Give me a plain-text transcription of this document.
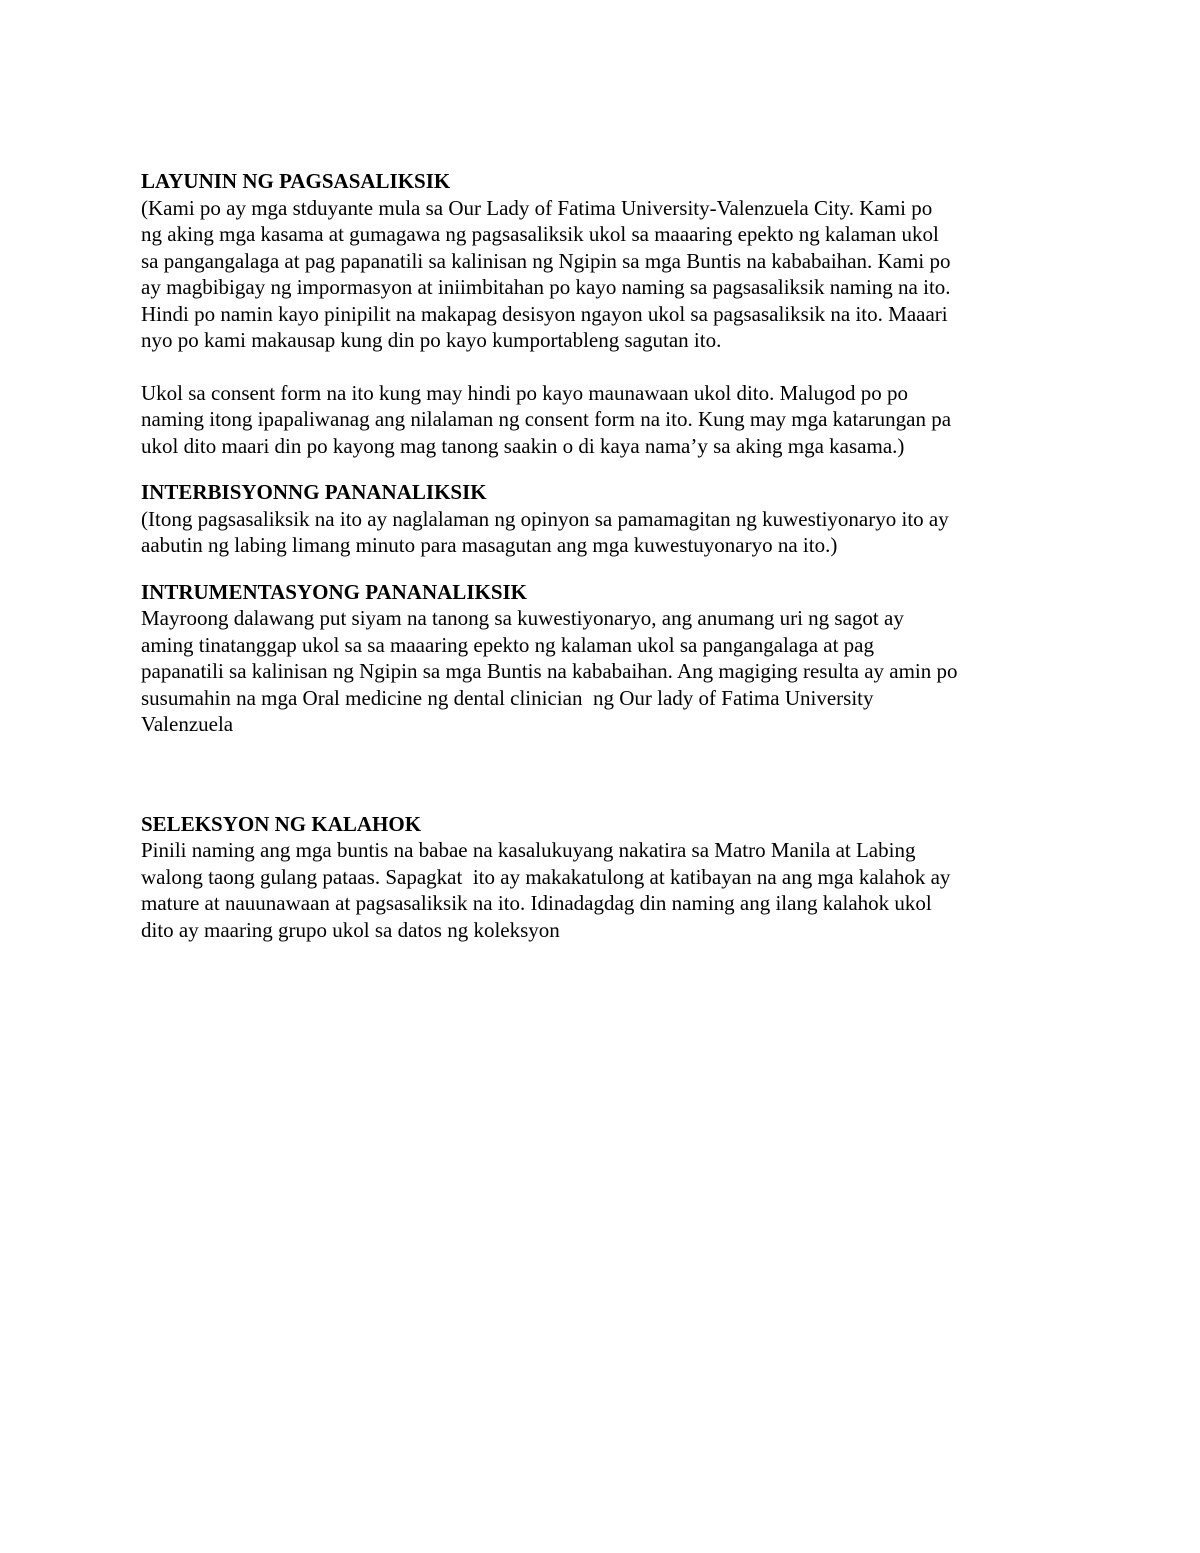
LAYUNIN NG PAGSASALIKSIK
(Kami po ay mga stduyante mula sa Our Lady of Fatima University-Valenzuela City. Kami po
ng aking mga kasama at gumagawa ng pagsasaliksik ukol sa maaaring epekto ng kalaman ukol
sa pangangalaga at pag papanatili sa kalinisan ng Ngipin sa mga Buntis na kababaihan. Kami po
ay magbibigay ng impormasyon at iniimbitahan po kayo naming sa pagsasaliksik naming na ito.
Hindi po namin kayo pinipilit na makapag desisyon ngayon ukol sa pagsasaliksik na ito. Maaari
nyo po kami makausap kung din po kayo kumportableng sagutan ito.
Ukol sa consent form na ito kung may hindi po kayo maunawaan ukol dito. Malugod po po
naming itong ipapaliwanag ang nilalaman ng consent form na ito. Kung may mga katarungan pa
ukol dito maari din po kayong mag tanong saakin o di kaya nama’y sa aking mga kasama.)
INTERBISYONNG PANANALIKSIK
(Itong pagsasaliksik na ito ay naglalaman ng opinyon sa pamamagitan ng kuwestiyonaryo ito ay
aabutin ng labing limang minuto para masagutan ang mga kuwestuyonaryo na ito.)
INTRUMENTASYONG PANANALIKSIK
Mayroong dalawang put siyam na tanong sa kuwestiyonaryo, ang anumang uri ng sagot ay
aming tinatanggap ukol sa sa maaaring epekto ng kalaman ukol sa pangangalaga at pag
papanatili sa kalinisan ng Ngipin sa mga Buntis na kababaihan. Ang magiging resulta ay amin po
susumahin na mga Oral medicine ng dental clinician  ng Our lady of Fatima University
Valenzuela
SELEKSYON NG KALAHOK
Pinili naming ang mga buntis na babae na kasalukuyang nakatira sa Matro Manila at Labing
walong taong gulang pataas. Sapagkat  ito ay makakatulong at katibayan na ang mga kalahok ay
mature at nauunawaan at pagsasaliksik na ito. Idinadagdag din naming ang ilang kalahok ukol
dito ay maaring grupo ukol sa datos ng koleksyon
